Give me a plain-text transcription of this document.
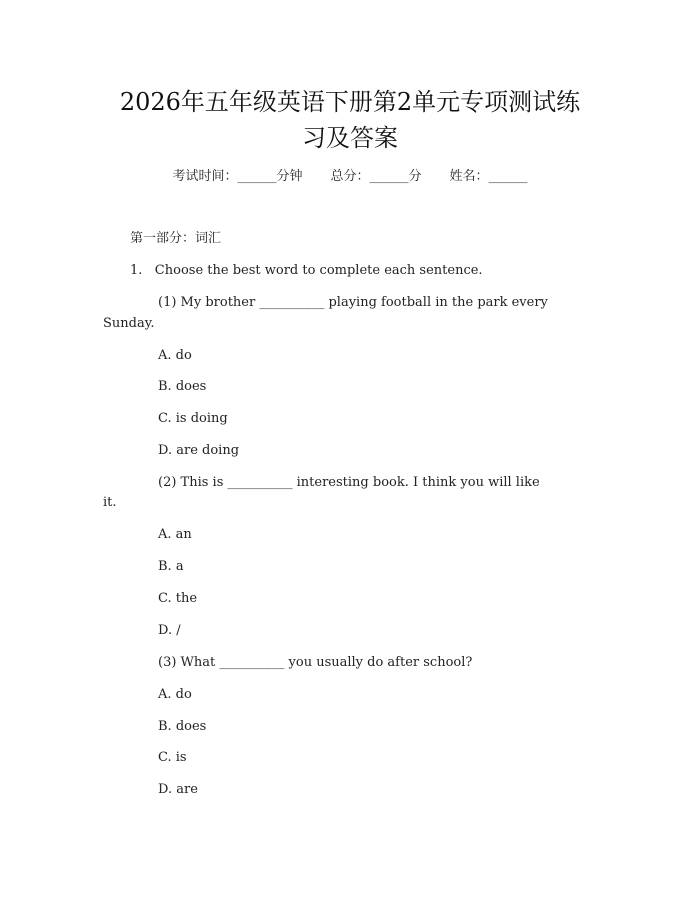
2026年五年级英语下册第2单元专项测试练
习及答案
考试时间：______分钟 总分：______分 姓名：______
第一部分：词汇
1.   Choose the best word to complete each sentence.
(1) My brother __________ playing football in the park every
Sunday.
A. do
B. does
C. is doing
D. are doing
(2) This is __________ interesting book. I think you will like
it.
A. an
B. a
C. the
D. /
(3) What __________ you usually do after school?
A. do
B. does
C. is
D. are
